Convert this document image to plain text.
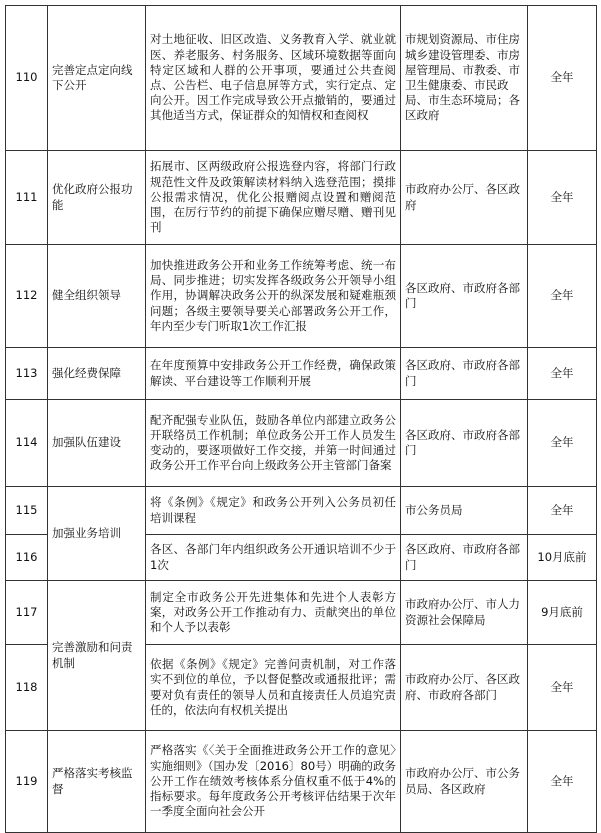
110	完善定点定向线下公开	对土地征收、旧区改造、义务教育入学、就业就医、养老服务、村务服务、区域环境数据等面向特定区域和人群的公开事项，要通过公共查阅点、公告栏、电子信息屏等方式，实行定点、定向公开。因工作完成导致公开点撤销的，要通过其他适当方式，保证群众的知情权和查阅权	市规划资源局、市住房城乡建设管理委、市房屋管理局、市教委、市卫生健康委、市民政局、市生态环境局；各区政府	全年
111	优化政府公报功能	拓展市、区两级政府公报选登内容，将部门行政规范性文件及政策解读材料纳入选登范围；摸排公报需求情况，优化公报赠阅点设置和赠阅范围，在厉行节约的前提下确保应赠尽赠、赠刊见刊	市政府办公厅、各区政府	全年
112	健全组织领导	加快推进政务公开和业务工作统筹考虑、统一布局、同步推进；切实发挥各级政务公开领导小组作用，协调解决政务公开的纵深发展和疑难瓶颈问题；各级主要领导要关心部署政务公开工作，年内至少专门听取1次工作汇报	各区政府、市政府各部门	全年
113	强化经费保障	在年度预算中安排政务公开工作经费，确保政策解读、平台建设等工作顺利开展	各区政府、市政府各部门	全年
114	加强队伍建设	配齐配强专业队伍，鼓励各单位内部建立政务公开联络员工作机制；单位政务公开工作人员发生变动的，要逐项做好工作交接，并第一时间通过政务公开工作平台向上级政务公开主管部门备案	各区政府、市政府各部门	全年
115	加强业务培训	将《条例》《规定》和政务公开列入公务员初任培训课程	市公务员局	全年
116		各区、各部门年内组织政务公开通识培训不少于1次	各区政府、市政府各部门	10月底前
117	完善激励和问责机制	制定全市政务公开先进集体和先进个人表彰方案，对政务公开工作推动有力、贡献突出的单位和个人予以表彰	市政府办公厅、市人力资源社会保障局	9月底前
118		依据《条例》《规定》完善问责机制，对工作落实不到位的单位，予以督促整改或通报批评；需要对负有责任的领导人员和直接责任人员追究责任的，依法向有权机关提出	市政府办公厅、各区政府、市政府各部门	全年
119	严格落实考核监督	严格落实《〈关于全面推进政务公开工作的意见〉实施细则》（国办发〔2016〕80号）明确的政务公开工作在绩效考核体系分值权重不低于4%的指标要求。每年度政务公开考核评估结果于次年一季度全面向社会公开	市政府办公厅、市公务员局、各区政府	全年
